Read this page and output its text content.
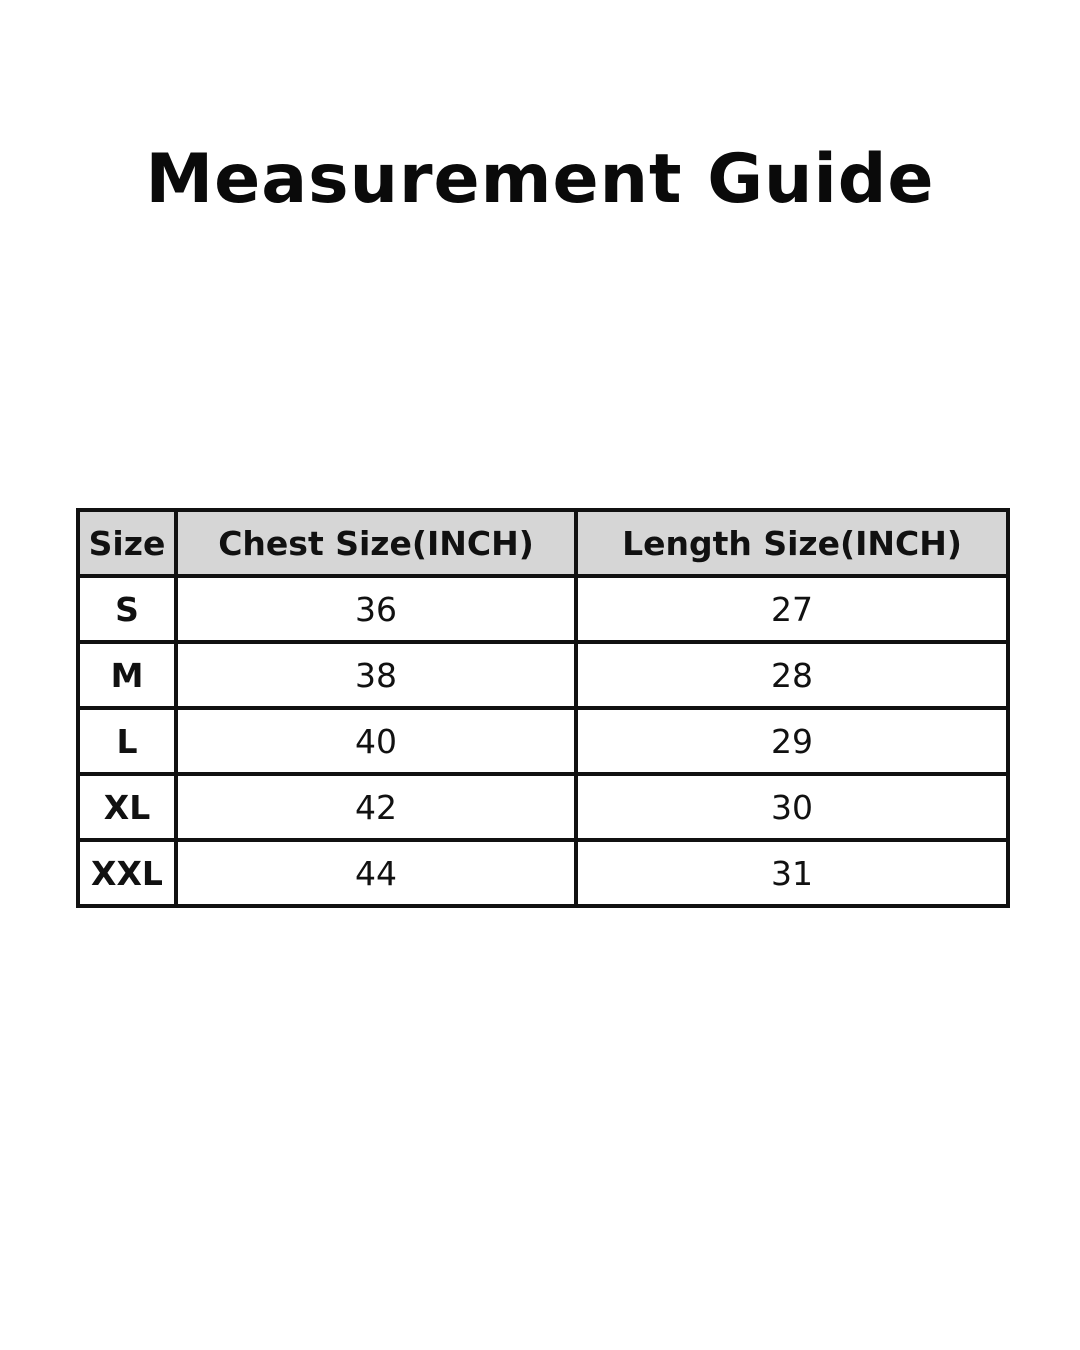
Measurement Guide
Size	Chest Size(INCH)	Length Size(INCH)
S	36	27
M	38	28
L	40	29
XL	42	30
XXL	44	31
